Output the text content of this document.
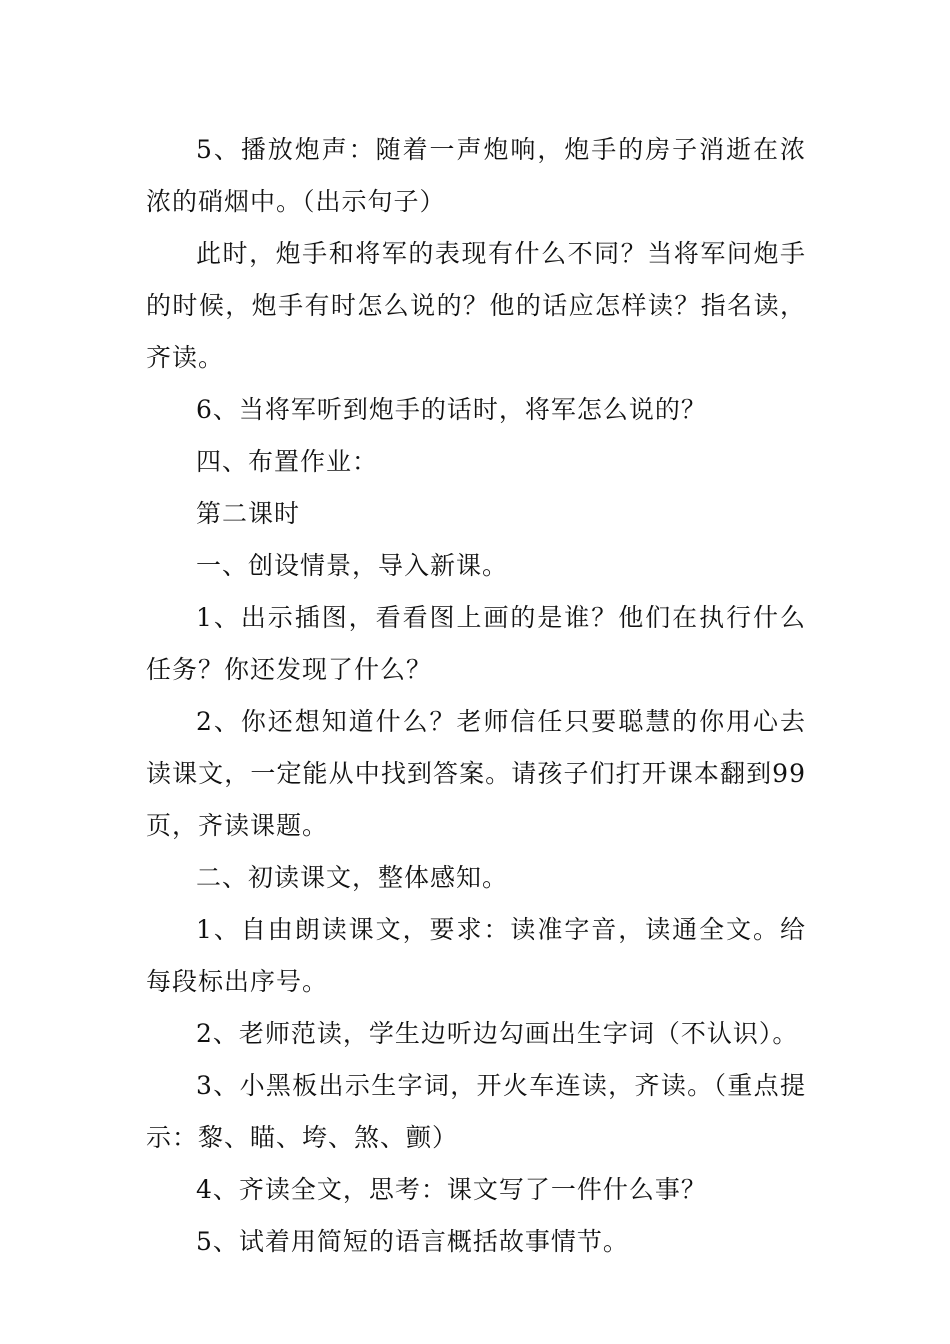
5、播放炮声：随着一声炮响，炮手的房子消逝在浓浓的硝烟中。（出示句子）

此时，炮手和将军的表现有什么不同？当将军问炮手的时候，炮手有时怎么说的？他的话应怎样读？指名读，齐读。

6、当将军听到炮手的话时，将军怎么说的？

四、布置作业：

第二课时

一、创设情景，导入新课。

1、出示插图，看看图上画的是谁？他们在执行什么任务？你还发现了什么？

2、你还想知道什么？老师信任只要聪慧的你用心去读课文，一定能从中找到答案。请孩子们打开课本翻到99页，齐读课题。

二、初读课文，整体感知。

1、自由朗读课文，要求：读准字音，读通全文。给每段标出序号。

2、老师范读，学生边听边勾画出生字词（不认识）。

3、小黑板出示生字词，开火车连读，齐读。（重点提示：黎、瞄、垮、煞、颤）

4、齐读全文，思考：课文写了一件什么事？

5、试着用简短的语言概括故事情节。
